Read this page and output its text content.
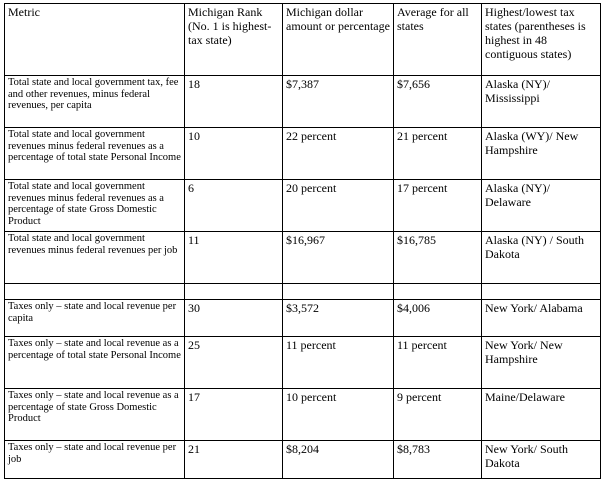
Metric	Michigan Rank (No. 1 is highest-tax state)	Michigan dollar amount or percentage	Average for all states	Highest/lowest tax states (parentheses is highest in 48 contiguous states)
Total state and local government tax, fee and other revenues, minus federal revenues, per capita	18	$7,387	$7,656	Alaska (NY)/ Mississippi
Total state and local government revenues minus federal revenues as a percentage of total state Personal Income	10	22 percent	21 percent	Alaska (WY)/ New Hampshire
Total state and local government revenues minus federal revenues as a percentage of state Gross Domestic Product	6	20 percent	17 percent	Alaska (NY)/ Delaware
Total state and local government revenues minus federal revenues per job	11	$16,967	$16,785	Alaska (NY) / South Dakota

Taxes only – state and local revenue per capita	30	$3,572	$4,006	New York/ Alabama
Taxes only – state and local revenue as a percentage of total state Personal Income	25	11 percent	11 percent	New York/ New Hampshire
Taxes only – state and local revenue as a percentage of state Gross Domestic Product	17	10 percent	9 percent	Maine/Delaware
Taxes only – state and local revenue per job	21	$8,204	$8,783	New York/ South Dakota
